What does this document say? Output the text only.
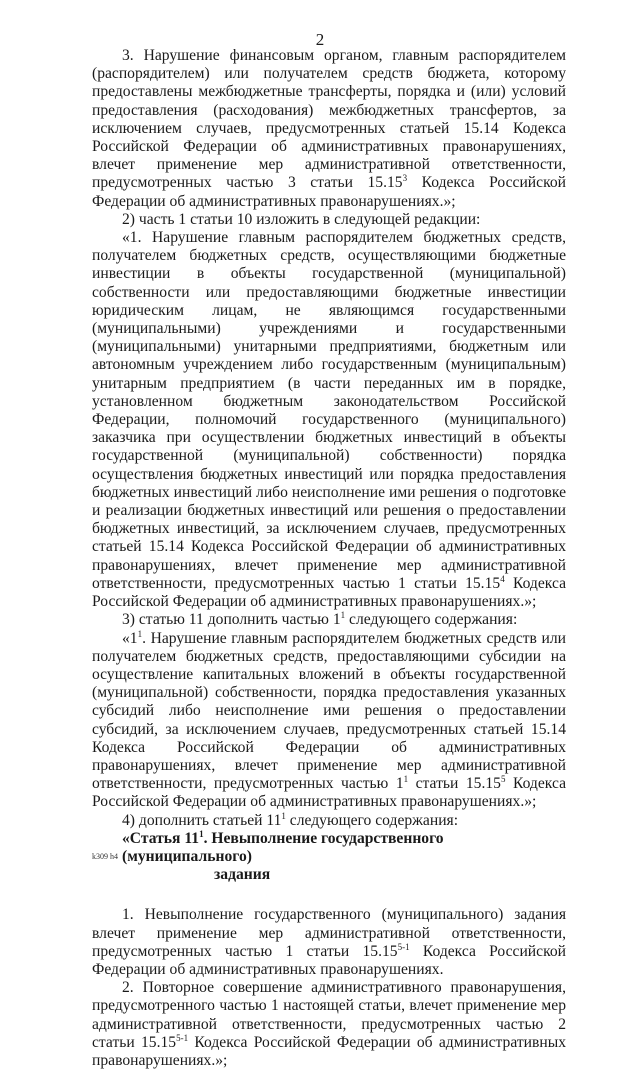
2

3. Нарушение финансовым органом, главным распорядителем (распорядителем) или получателем средств бюджета, которому предоставлены межбюджетные трансферты, порядка и (или) условий предоставления (расходования) межбюджетных трансфертов, за исключением случаев, предусмотренных статьей 15.14 Кодекса Российской Федерации об административных правонарушениях, влечет применение мер административной ответственности, предусмотренных частью 3 статьи 15.15$^3$ Кодекса Российской Федерации об административных правонарушениях.»;

2) часть 1 статьи 10 изложить в следующей редакции:

«1. Нарушение главным распорядителем бюджетных средств, получателем бюджетных средств, осуществляющими бюджетные инвестиции в объекты государственной (муниципальной) собственности или предоставляющими бюджетные инвестиции юридическим лицам, не являющимся государственными (муниципальными) учреждениями и государственными (муниципальными) унитарными предприятиями, бюджетным или автономным учреждением либо государственным (муниципальным) унитарным предприятием (в части переданных им в порядке, установленном бюджетным законодательством Российской Федерации, полномочий государственного (муниципального) заказчика при осуществлении бюджетных инвестиций в объекты государственной (муниципальной) собственности) порядка осуществления бюджетных инвестиций или порядка предоставления бюджетных инвестиций либо неисполнение ими решения о подготовке и реализации бюджетных инвестиций или решения о предоставлении бюджетных инвестиций, за исключением случаев, предусмотренных статьей 15.14 Кодекса Российской Федерации об административных правонарушениях, влечет применение мер административной ответственности, предусмотренных частью 1 статьи 15.15$^4$ Кодекса Российской Федерации об административных правонарушениях.»;

3) статью 11 дополнить частью $1^1$ следующего содержания:

«$1^1$. Нарушение главным распорядителем бюджетных средств или получателем бюджетных средств, предоставляющими субсидии на осуществление капитальных вложений в объекты государственной (муниципальной) собственности, порядка предоставления указанных субсидий либо неисполнение ими решения о предоставлении субсидий, за исключением случаев, предусмотренных статьей 15.14 Кодекса Российской Федерации об административных правонарушениях, влечет применение мер административной ответственности, предусмотренных частью $1^1$ статьи 15.15$^5$ Кодекса Российской Федерации об административных правонарушениях.»;

4) дополнить статьей $11^1$ следующего содержания:

«Статья $11^1$. Невыполнение государственного (муниципального)
задания

1. Невыполнение государственного (муниципального) задания влечет применение мер административной ответственности, предусмотренных частью 1 статьи 15.15$^{5-1}$ Кодекса Российской Федерации об административных правонарушениях.

2. Повторное совершение административного правонарушения, предусмотренного частью 1 настоящей статьи, влечет применение мер административной ответственности, предусмотренных частью 2 статьи 15.15$^{5-1}$ Кодекса Российской Федерации об административных правонарушениях.»;

k309 h4
